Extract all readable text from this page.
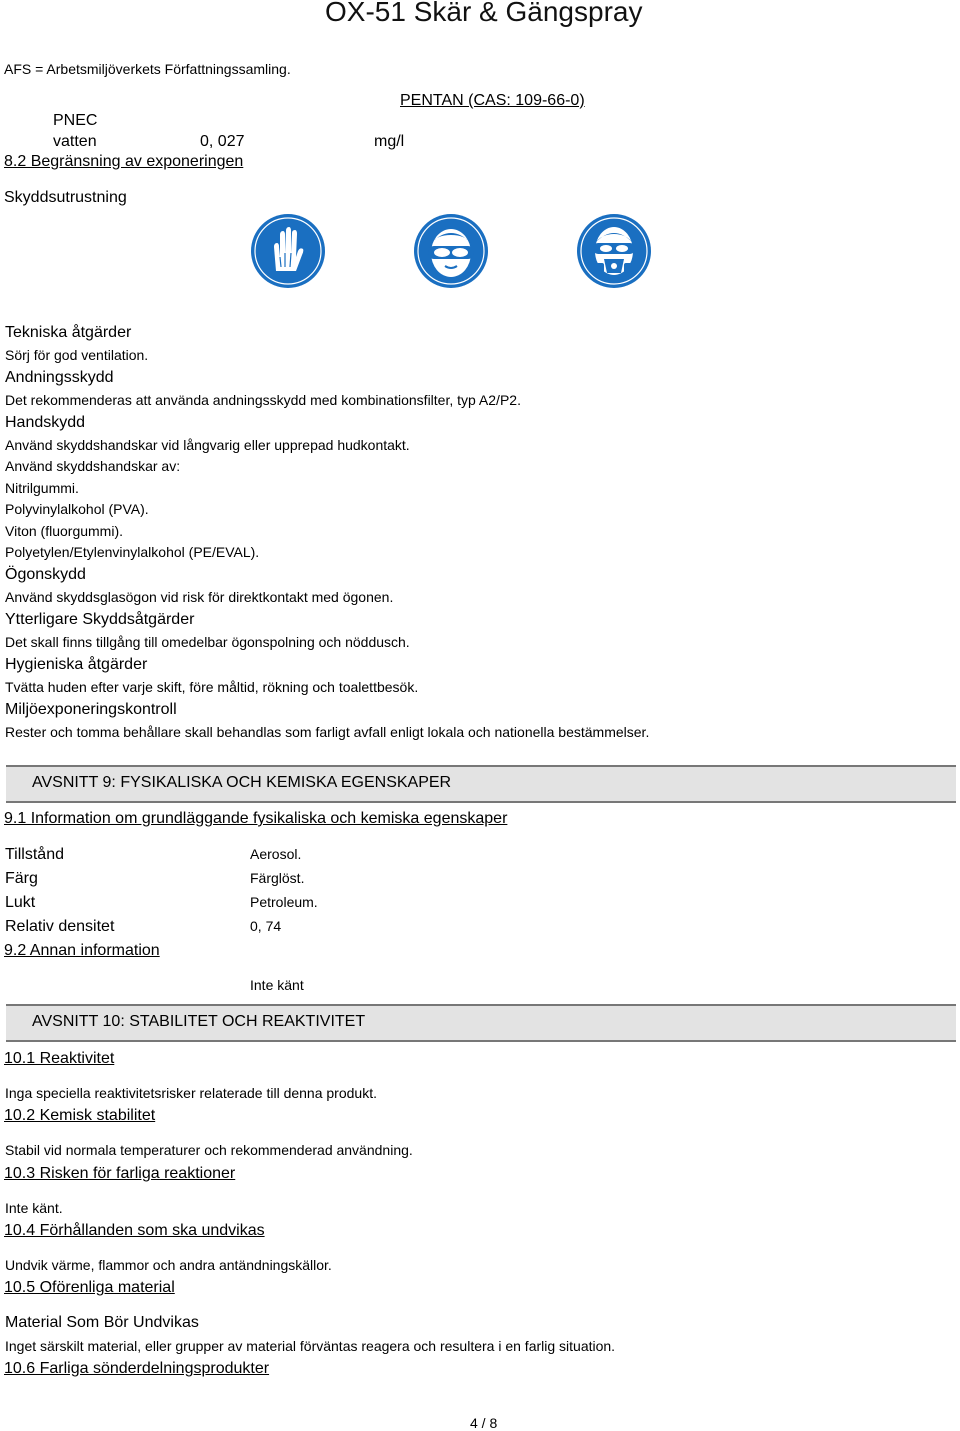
OX-51 Skär & Gängspray
AFS = Arbetsmiljöverkets Författningssamling.
PENTAN (CAS: 109-66-0)
PNEC
vatten	0, 027	mg/l
8.2 Begränsning av exponeringen
Skyddsutrustning
Tekniska åtgärder
Sörj för god ventilation.
Andningsskydd
Det rekommenderas att använda andningsskydd med kombinationsfilter, typ A2/P2.
Handskydd
Använd skyddshandskar vid långvarig eller upprepad hudkontakt.
Använd skyddshandskar av:
Nitrilgummi.
Polyvinylalkohol (PVA).
Viton (fluorgummi).
Polyetylen/Etylenvinylalkohol (PE/EVAL).
Ögonskydd
Använd skyddsglasögon vid risk för direktkontakt med ögonen.
Ytterligare Skyddsåtgärder
Det skall finns tillgång till omedelbar ögonspolning och nöddusch.
Hygieniska åtgärder
Tvätta huden efter varje skift, före måltid, rökning och toalettbesök.
Miljöexponeringskontroll
Rester och tomma behållare skall behandlas som farligt avfall enligt lokala och nationella bestämmelser.
AVSNITT 9: FYSIKALISKA OCH KEMISKA EGENSKAPER
9.1 Information om grundläggande fysikaliska och kemiska egenskaper
Tillstånd	Aerosol.
Färg	Färglöst.
Lukt	Petroleum.
Relativ densitet	0, 74
9.2 Annan information
Inte känt
AVSNITT 10: STABILITET OCH REAKTIVITET
10.1 Reaktivitet
Inga speciella reaktivitetsrisker relaterade till denna produkt.
10.2 Kemisk stabilitet
Stabil vid normala temperaturer och rekommenderad användning.
10.3 Risken för farliga reaktioner
Inte känt.
10.4 Förhållanden som ska undvikas
Undvik värme, flammor och andra antändningskällor.
10.5 Oförenliga material
Material Som Bör Undvikas
Inget särskilt material, eller grupper av material förväntas reagera och resultera i en farlig situation.
10.6 Farliga sönderdelningsprodukter
4 / 8
